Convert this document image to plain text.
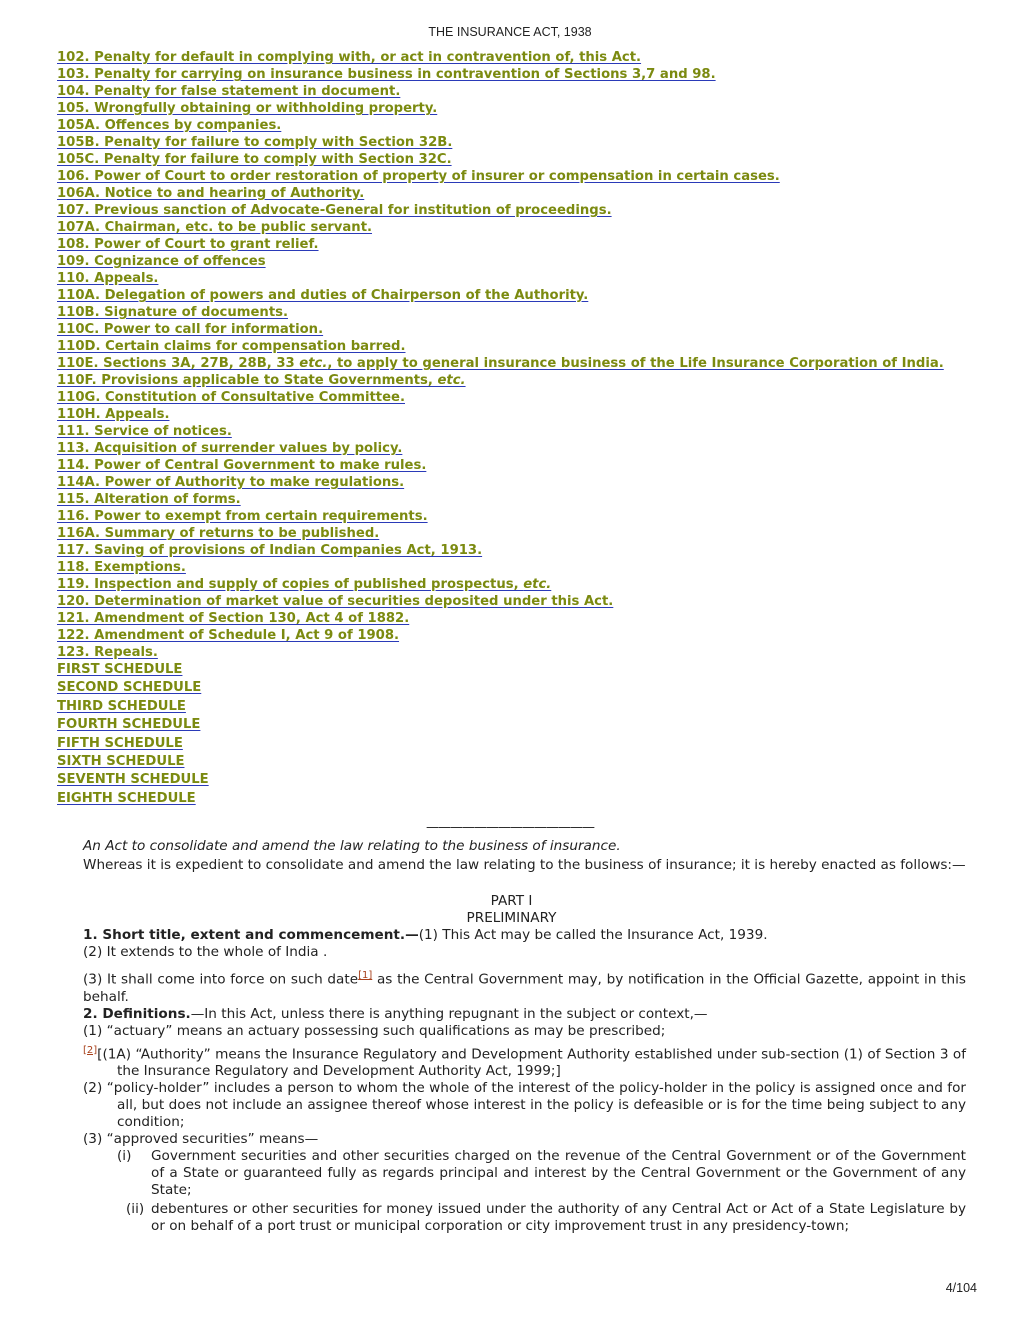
THE INSURANCE ACT, 1938
102. Penalty for default in complying with, or act in contravention of, this Act.
103. Penalty for carrying on insurance business in contravention of Sections 3,7 and 98.
104. Penalty for false statement in document.
105. Wrongfully obtaining or withholding property.
105A. Offences by companies.
105B. Penalty for failure to comply with Section 32B.
105C. Penalty for failure to comply with Section 32C.
106. Power of Court to order restoration of property of insurer or compensation in certain cases.
106A. Notice to and hearing of Authority.
107. Previous sanction of Advocate-General for institution of proceedings.
107A. Chairman, etc. to be public servant.
108. Power of Court to grant relief.
109. Cognizance of offences
110. Appeals.
110A. Delegation of powers and duties of Chairperson of the Authority.
110B. Signature of documents.
110C. Power to call for information.
110D. Certain claims for compensation barred.
110E. Sections 3A, 27B, 28B, 33 etc., to apply to general insurance business of the Life Insurance Corporation of India.
110F. Provisions applicable to State Governments, etc.
110G. Constitution of Consultative Committee.
110H. Appeals.
111. Service of notices.
113. Acquisition of surrender values by policy.
114. Power of Central Government to make rules.
114A. Power of Authority to make regulations.
115. Alteration of forms.
116. Power to exempt from certain requirements.
116A. Summary of returns to be published.
117. Saving of provisions of Indian Companies Act, 1913.
118. Exemptions.
119. Inspection and supply of copies of published prospectus, etc.
120. Determination of market value of securities deposited under this Act.
121. Amendment of Section 130, Act 4 of 1882.
122. Amendment of Schedule I, Act 9 of 1908.
123. Repeals.
FIRST SCHEDULE
SECOND SCHEDULE
THIRD SCHEDULE
FOURTH SCHEDULE
FIFTH SCHEDULE
SIXTH SCHEDULE
SEVENTH SCHEDULE
EIGHTH SCHEDULE
——————————————

An Act to consolidate and amend the law relating to the business of insurance.

Whereas it is expedient to consolidate and amend the law relating to the business of insurance; it is hereby enacted as follows:—

PART I

PRELIMINARY

1. Short title, extent and commencement.—(1) This Act may be called the Insurance Act, 1939.

(2) It extends to the whole of India .

(3) It shall come into force on such date[1] as the Central Government may, by notification in the Official Gazette, appoint in this behalf.

2. Definitions.—In this Act, unless there is anything repugnant in the subject or context,—

(1) “actuary” means an actuary possessing such qualifications as may be prescribed;

[2][(1A) “Authority” means the Insurance Regulatory and Development Authority established under sub-section (1) of Section 3 of the Insurance Regulatory and Development Authority Act, 1999;]

(2) “policy-holder” includes a person to whom the whole of the interest of the policy-holder in the policy is assigned once and for all, but does not include an assignee thereof whose interest in the policy is defeasible or is for the time being subject to any condition;

(3) “approved securities” means—

(i)	Government securities and other securities charged on the revenue of the Central Government or of the Government of a State or guaranteed fully as regards principal and interest by the Central Government or the Government of any State;
(ii) debentures or other securities for money issued under the authority of any Central Act or Act of a State Legislature by or on behalf of a port trust or municipal corporation or city improvement trust in any presidency-town;
4/104
